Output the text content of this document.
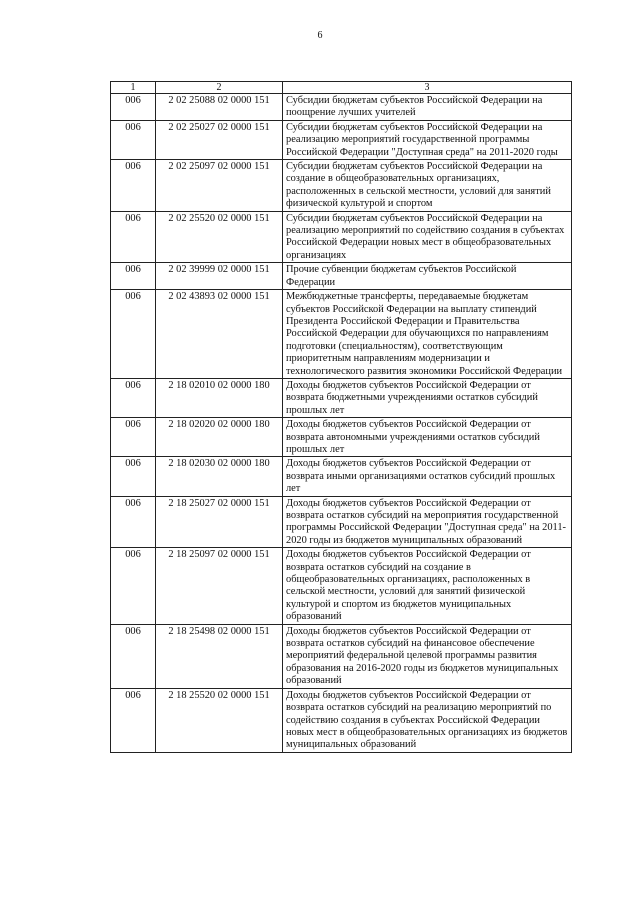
6
1	2	3
006	2 02 25088 02 0000 151	Субсидии бюджетам субъектов Российской Федерации на поощрение лучших учителей
006	2 02 25027 02 0000 151	Субсидии бюджетам субъектов Российской Федерации на реализацию мероприятий государственной программы Российской Федерации "Доступная среда" на 2011-2020 годы
006	2 02 25097 02 0000 151	Субсидии бюджетам субъектов Российской Федерации на создание в общеобразовательных организациях, расположенных в сельской местности, условий для занятий физической культурой и спортом
006	2 02 25520 02 0000 151	Субсидии бюджетам субъектов Российской Федерации на реализацию мероприятий по содействию создания в субъектах Российской Федерации новых мест в общеобразовательных организациях
006	2 02 39999 02 0000 151	Прочие субвенции бюджетам субъектов Российской Федерации
006	2 02 43893 02 0000 151	Межбюджетные трансферты, передаваемые бюджетам субъектов Российской Федерации на выплату стипендий Президента Российской Федерации и Правительства Российской Федерации для обучающихся по направлениям подготовки (специальностям), соответствующим приоритетным направлениям модернизации и технологического развития экономики Российской Федерации
006	2 18 02010 02 0000 180	Доходы бюджетов субъектов Российской Федерации от возврата бюджетными учреждениями остатков субсидий прошлых лет
006	2 18 02020 02 0000 180	Доходы бюджетов субъектов Российской Федерации от возврата автономными учреждениями остатков субсидий прошлых лет
006	2 18 02030 02 0000 180	Доходы бюджетов субъектов Российской Федерации от возврата иными организациями остатков субсидий прошлых лет
006	2 18 25027 02 0000 151	Доходы бюджетов субъектов Российской Федерации от возврата остатков субсидий на мероприятия государственной программы Российской Федерации "Доступная среда" на 2011-2020 годы из бюджетов муниципальных образований
006	2 18 25097 02 0000 151	Доходы бюджетов субъектов Российской Федерации от возврата остатков субсидий на создание в общеобразовательных организациях, расположенных в сельской местности, условий для занятий физической культурой и спортом из бюджетов муниципальных образований
006	2 18 25498 02 0000 151	Доходы бюджетов субъектов Российской Федерации от возврата остатков субсидий на финансовое обеспечение мероприятий федеральной целевой программы развития образования на 2016-2020 годы из бюджетов муниципальных образований
006	2 18 25520 02 0000 151	Доходы бюджетов субъектов Российской Федерации от возврата остатков субсидий на реализацию мероприятий по содействию создания в субъектах Российской Федерации новых мест в общеобразовательных организациях из бюджетов муниципальных образований
